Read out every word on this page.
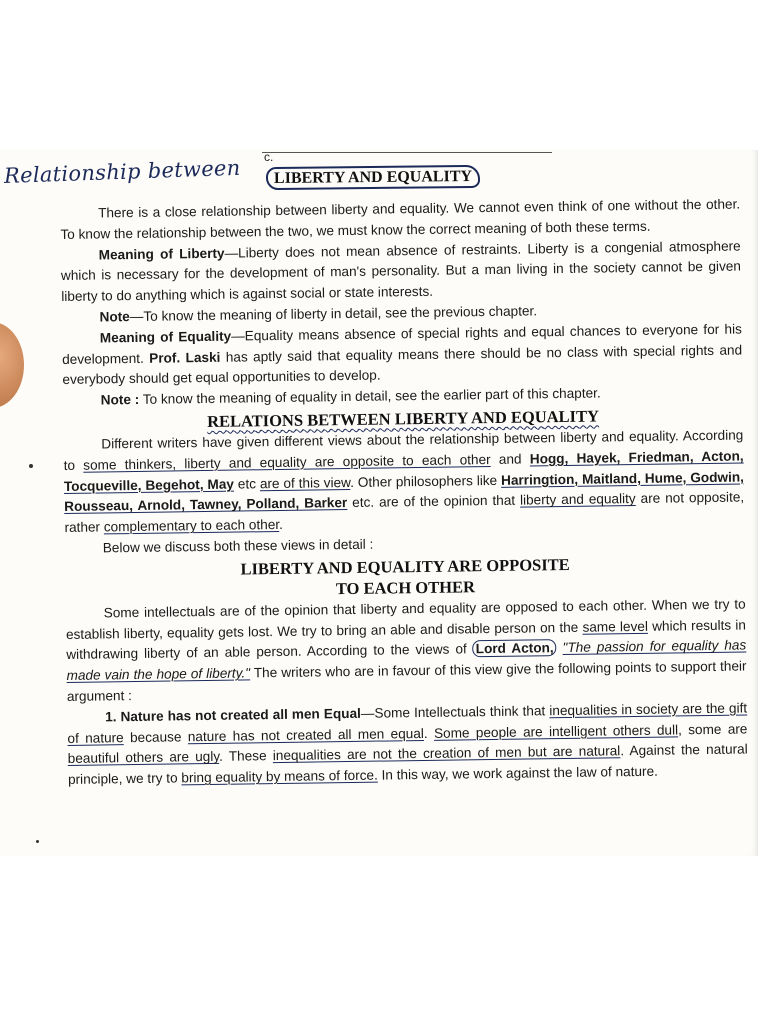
c.
Relationship between	LIBERTY AND EQUALITY

There is a close relationship between liberty and equality. We cannot even think of one without the other. To know the relationship between the two, we must know the correct meaning of both these terms.

Meaning of Liberty—Liberty does not mean absence of restraints. Liberty is a congenial atmosphere which is necessary for the development of man's personality. But a man living in the society cannot be given liberty to do anything which is against social or state interests.

Note—To know the meaning of liberty in detail, see the previous chapter.

Meaning of Equality—Equality means absence of special rights and equal chances to everyone for his development. Prof. Laski has aptly said that equality means there should be no class with special rights and everybody should get equal opportunities to develop.

Note : To know the meaning of equality in detail, see the earlier part of this chapter.

RELATIONS BETWEEN LIBERTY AND EQUALITY

Different writers have given different views about the relationship between liberty and equality. According to some thinkers, liberty and equality are opposite to each other and Hogg, Hayek, Friedman, Acton, Tocqueville, Begehot, May etc are of this view. Other philosophers like Harringtion, Maitland, Hume, Godwin, Rousseau, Arnold, Tawney, Polland, Barker etc. are of the opinion that liberty and equality are not opposite, rather complementary to each other.

Below we discuss both these views in detail :

LIBERTY AND EQUALITY ARE OPPOSITE
TO EACH OTHER

Some intellectuals are of the opinion that liberty and equality are opposed to each other. When we try to establish liberty, equality gets lost. We try to bring an able and disable person on the same level which results in withdrawing liberty of an able person. According to the views of Lord Acton, "The passion for equality has made vain the hope of liberty." The writers who are in favour of this view give the following points to support their argument :

1. Nature has not created all men Equal—Some Intellectuals think that inequalities in society are the gift of nature because nature has not created all men equal. Some people are intelligent others dull, some are beautiful others are ugly. These inequalities are not the creation of men but are natural. Against the natural principle, we try to bring equality by means of force. In this way, we work against the law of nature.
